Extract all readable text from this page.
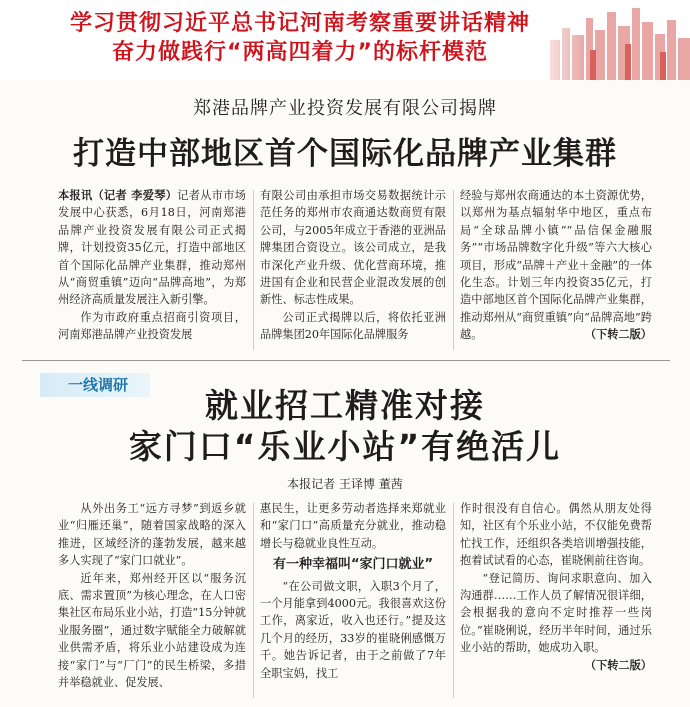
学习贯彻习近平总书记河南考察重要讲话精神
奋力做践行“两高四着力”的标杆模范
郑港品牌产业投资发展有限公司揭牌
打造中部地区首个国际化品牌产业集群

本报讯（记者 李爱琴）记者从市市场发展中心获悉，6月18日，河南郑港品牌产业投资发展有限公司正式揭牌，计划投资35亿元，打造中部地区首个国际化品牌产业集群，推动郑州从“商贸重镇”迈向“品牌高地”，为郑州经济高质量发展注入新引擎。

作为市政府重点招商引资项目，河南郑港品牌产业投资发展

有限公司由承担市场交易数据统计示范任务的郑州市农商通达数商贸有限公司，与2005年成立于香港的亚洲品牌集团合资设立。该公司成立，是我市深化产业升级、优化营商环境，推进国有企业和民营企业混改发展的创新性、标志性成果。

公司正式揭牌以后，将依托亚洲品牌集团20年国际化品牌服务

经验与郑州农商通达的本土资源优势，以郑州为基点辐射华中地区，重点布局“全球品牌小镇”“品信保金融服务”“市场品牌数字化升级”等六大核心项目，形成“品牌＋产业＋金融”的一体化生态。计划三年内投资35亿元，打造中部地区首个国际化品牌产业集群，推动郑州从“商贸重镇”向“品牌高地”跨越。	（下转二版）

一线调研
就业招工精准对接
家门口“乐业小站”有绝活儿
本报记者 王译博 董茜

从外出务工“远方寻梦”到返乡就业“归雁还巢”，随着国家战略的深入推进，区域经济的蓬勃发展，越来越多人实现了“家门口就业”。

近年来，郑州经开区以“服务沉底、需求置顶”为核心理念，在人口密集社区布局乐业小站，打造“15分钟就业服务圈”，通过数字赋能全力破解就业供需矛盾，将乐业小站建设成为连接“家门”与“厂门”的民生桥梁，多措并举稳就业、促发展、

惠民生，让更多劳动者选择来郑就业和“家门口”高质量充分就业，推动稳增长与稳就业良性互动。

有一种幸福叫“家门口就业”

“在公司做文职，入职3个月了，一个月能拿到4000元。我很喜欢这份工作，离家近，收入也还行。”提及这几个月的经历，33岁的崔晓俐感慨万千。她告诉记者，由于之前做了7年全职宝妈，找工

作时很没有自信心。偶然从朋友处得知，社区有个乐业小站，不仅能免费帮忙找工作，还组织各类培训增强技能，抱着试试看的心态，崔晓俐前往咨询。

“登记简历、询问求职意向、加入沟通群……工作人员了解情况很详细，会根据我的意向不定时推荐一些岗位。”崔晓俐说，经历半年时间，通过乐业小站的帮助，她成功入职。
（下转二版）
